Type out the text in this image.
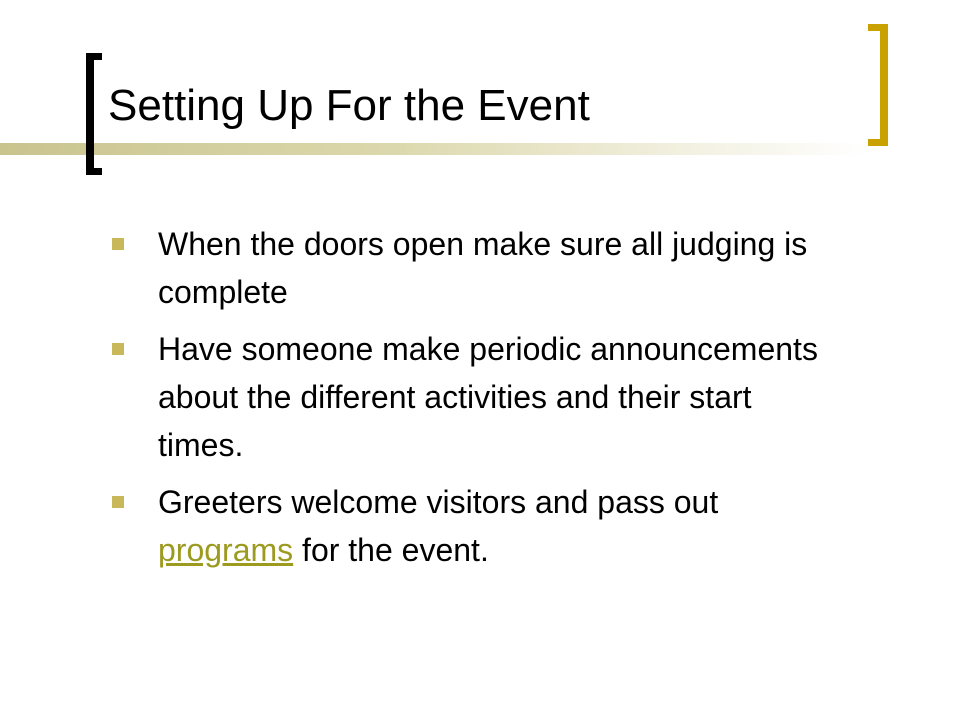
Setting Up For the Event
When the doors open make sure all judging is complete
Have someone make periodic announcements about the different activities and their start times.
Greeters welcome visitors and pass out programs for the event.
